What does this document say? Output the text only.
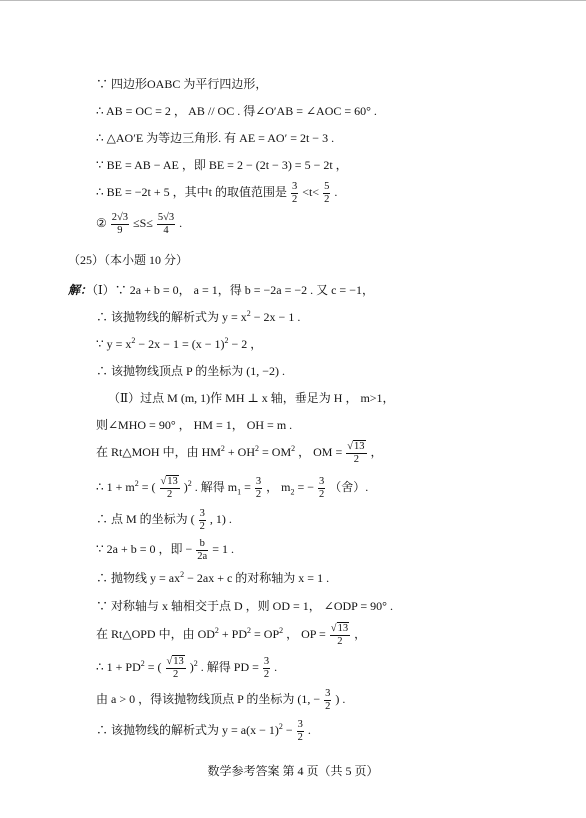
∵ 四边形OABC 为平行四边形，
∴ AB = OC = 2 ， AB // OC . 得∠O′AB = ∠AOC = 60° .
∴ △AO′E 为等边三角形. 有 AE = AO′ = 2t − 3 .
∵ BE = AB − AE ，即 BE = 2 − (2t − 3) = 5 − 2t ，
∴ BE = −2t + 5 ，其中t 的取值范围是 $\frac{3}{2} <t< \frac{5}{2}$ .
② $\frac{2√3}{9} \le S\le \frac{5√3}{4}$ .
（25）（本小题 10 分）
解：（Ⅰ）∵ 2a + b = 0， a = 1，得 b = −2a = −2 . 又 c = −1，
∴ 该抛物线的解析式为 $y = x^2 - 2x - 1$ .
∵ $y = x^2 - 2x - 1 = (x - 1)^2 - 2$ ，
∴ 该抛物线顶点 P 的坐标为 (1, −2) .
（Ⅱ）过点 M (m, 1)作 MH ⊥ x 轴，垂足为 H ， m>1，
则∠MHO = 90° ， HM = 1， OH = m .
在 Rt△MOH 中，由 $HM^2 + OH^2 = OM^2$ ， OM = $\frac{√13}{2}$ ，
∴ $1 + m^2$ = ( $\frac{√13}{2} )^2$ . 解得 $m_1 = \frac{3}{2}$ ， $m_2$ = − $\frac{3}{2}$ （舍）.
∴ 点 M 的坐标为 ( $\frac{3}{2}$ , 1) .
∵ 2a + b = 0 ，即 − $\frac{b}{2a} = 1$ .
∴ 抛物线 $y = ax^2 - 2ax + c$ 的对称轴为 x = 1 .
∵ 对称轴与 x 轴相交于点 D ，则 OD = 1， ∠ODP = 90° .
在 Rt△OPD 中，由 $OD^2 + PD^2 = OP^2$ ， OP = $\frac{√13}{2}$ ，
∴ $1 + PD^2$ = ( $\frac{√13}{2} )^2$ . 解得 PD = $\frac{3}{2}$ .
由 a > 0 ，得该抛物线顶点 P 的坐标为 (1, − $\frac{3}{2}$ ) .
∴ 该抛物线的解析式为 $y = a(x - 1)^2 - \frac{3}{2}$ .
数学参考答案 第 4 页（共 5 页）
